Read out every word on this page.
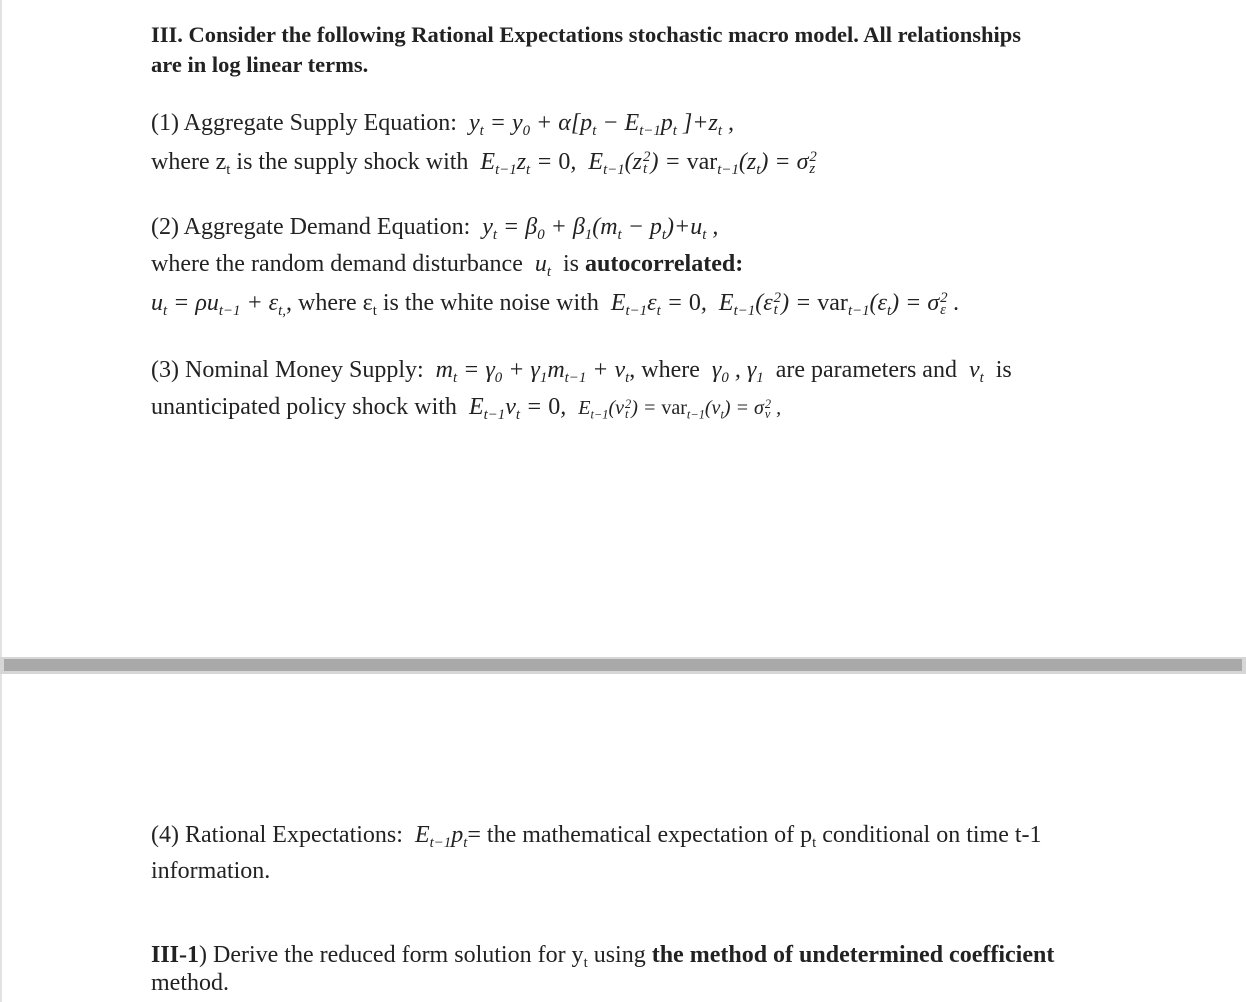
III. Consider the following Rational Expectations stochastic macro model. All relationships
are in log linear terms.
(1) Aggregate Supply Equation:  $y_t = y_0 + \alpha[p_t - E_{t-1}p_t$ ]$+z_t$ ,
where $z_t$ is the supply shock with  $E_{t-1}z_t = 0$,  $E_{t-1}(z$ 2
t ) = $var_{t-1}(z_t) = \sigma$ 2
z
(2) Aggregate Demand Equation:  $y_t = \beta_0 + \beta_1(m_t - p_t)+u_t$ ,
where the random demand disturbance  $u_t$ is autocorrelated:
$u_t = \rho u_{t-1} + \varepsilon_{t,}$, where $\varepsilon_t$ is the white noise with  $E_{t-1}\varepsilon_t = 0$,  $E_{t-1}(\varepsilon$ 2
t ) = $var_{t-1}(\varepsilon_t) = \sigma$ 2
ε .
(3) Nominal Money Supply:  $m_t = \gamma_0 + \gamma_1m_{t-1} + \nu_t$, where  $\gamma_0$ , $\gamma_1$ are parameters and  $\nu_t$ is
unanticipated policy shock with  $E_{t-1}\nu_t = 0$,  $E_{t-1}(\nu$ 2
t ) = $var_{t-1}(\nu_t) = \sigma$ 2
ν ,
(4) Rational Expectations:  $E_{t-1}p_t=$ the mathematical expectation of $p_t$ conditional on time t-1
information.
III-1) Derive the reduced form solution for $y_t$ using the method of undetermined coefficient
method.
